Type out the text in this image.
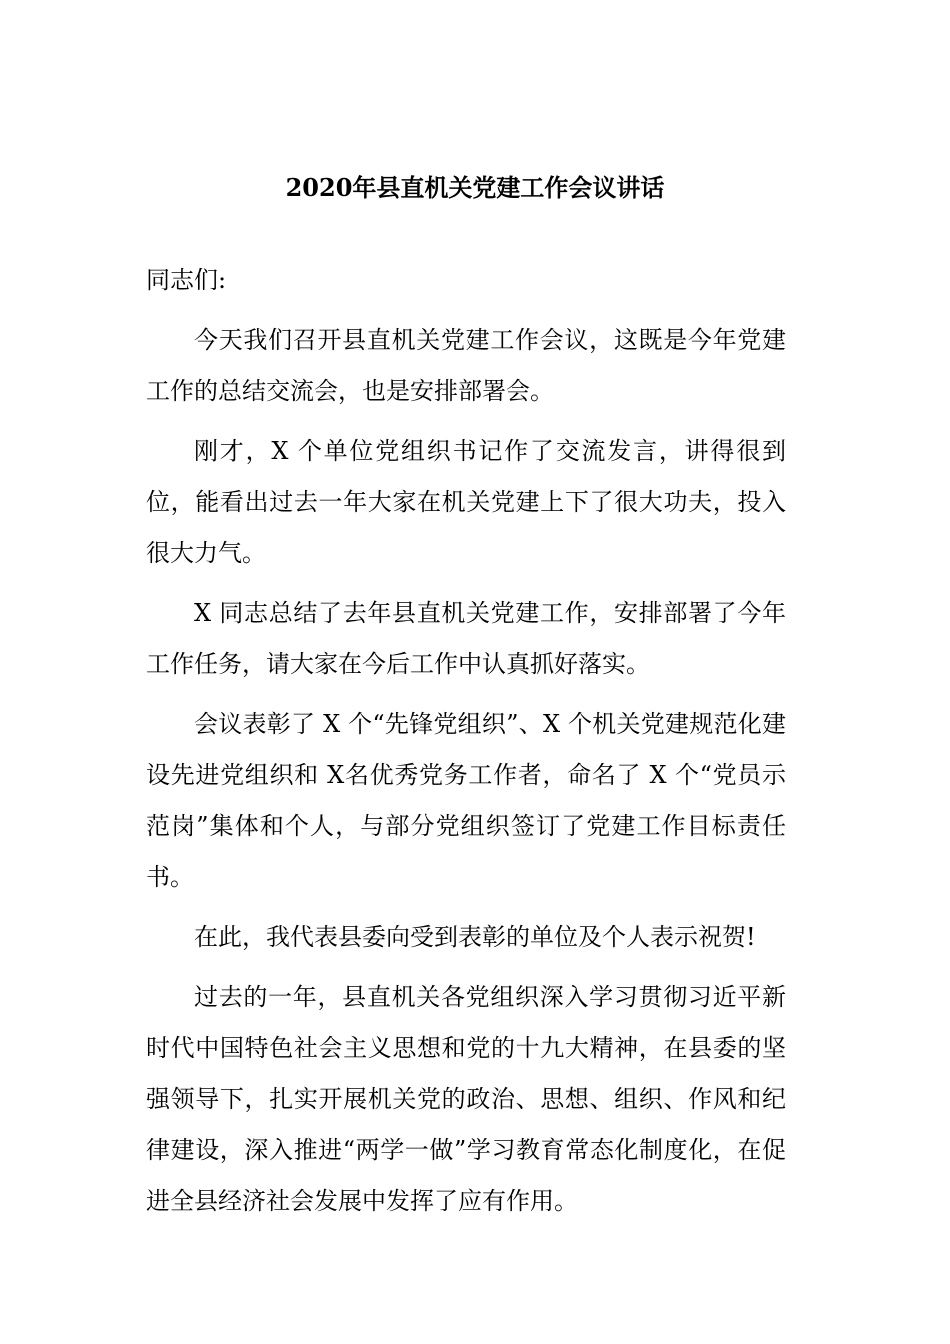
2020年县直机关党建工作会议讲话

同志们:

今天我们召开县直机关党建工作会议，这既是今年党建工作的总结交流会，也是安排部署会。

刚才，X 个单位党组织书记作了交流发言，讲得很到位，能看出过去一年大家在机关党建上下了很大功夫，投入很大力气。

X 同志总结了去年县直机关党建工作，安排部署了今年工作任务，请大家在今后工作中认真抓好落实。

会议表彰了 X 个“先锋党组织”、X 个机关党建规范化建设先进党组织和 X名优秀党务工作者，命名了 X 个“党员示范岗”集体和个人，与部分党组织签订了党建工作目标责任书。

在此，我代表县委向受到表彰的单位及个人表示祝贺!

过去的一年，县直机关各党组织深入学习贯彻习近平新时代中国特色社会主义思想和党的十九大精神，在县委的坚强领导下，扎实开展机关党的政治、思想、组织、作风和纪律建设，深入推进“两学一做”学习教育常态化制度化，在促进全县经济社会发展中发挥了应有作用。
